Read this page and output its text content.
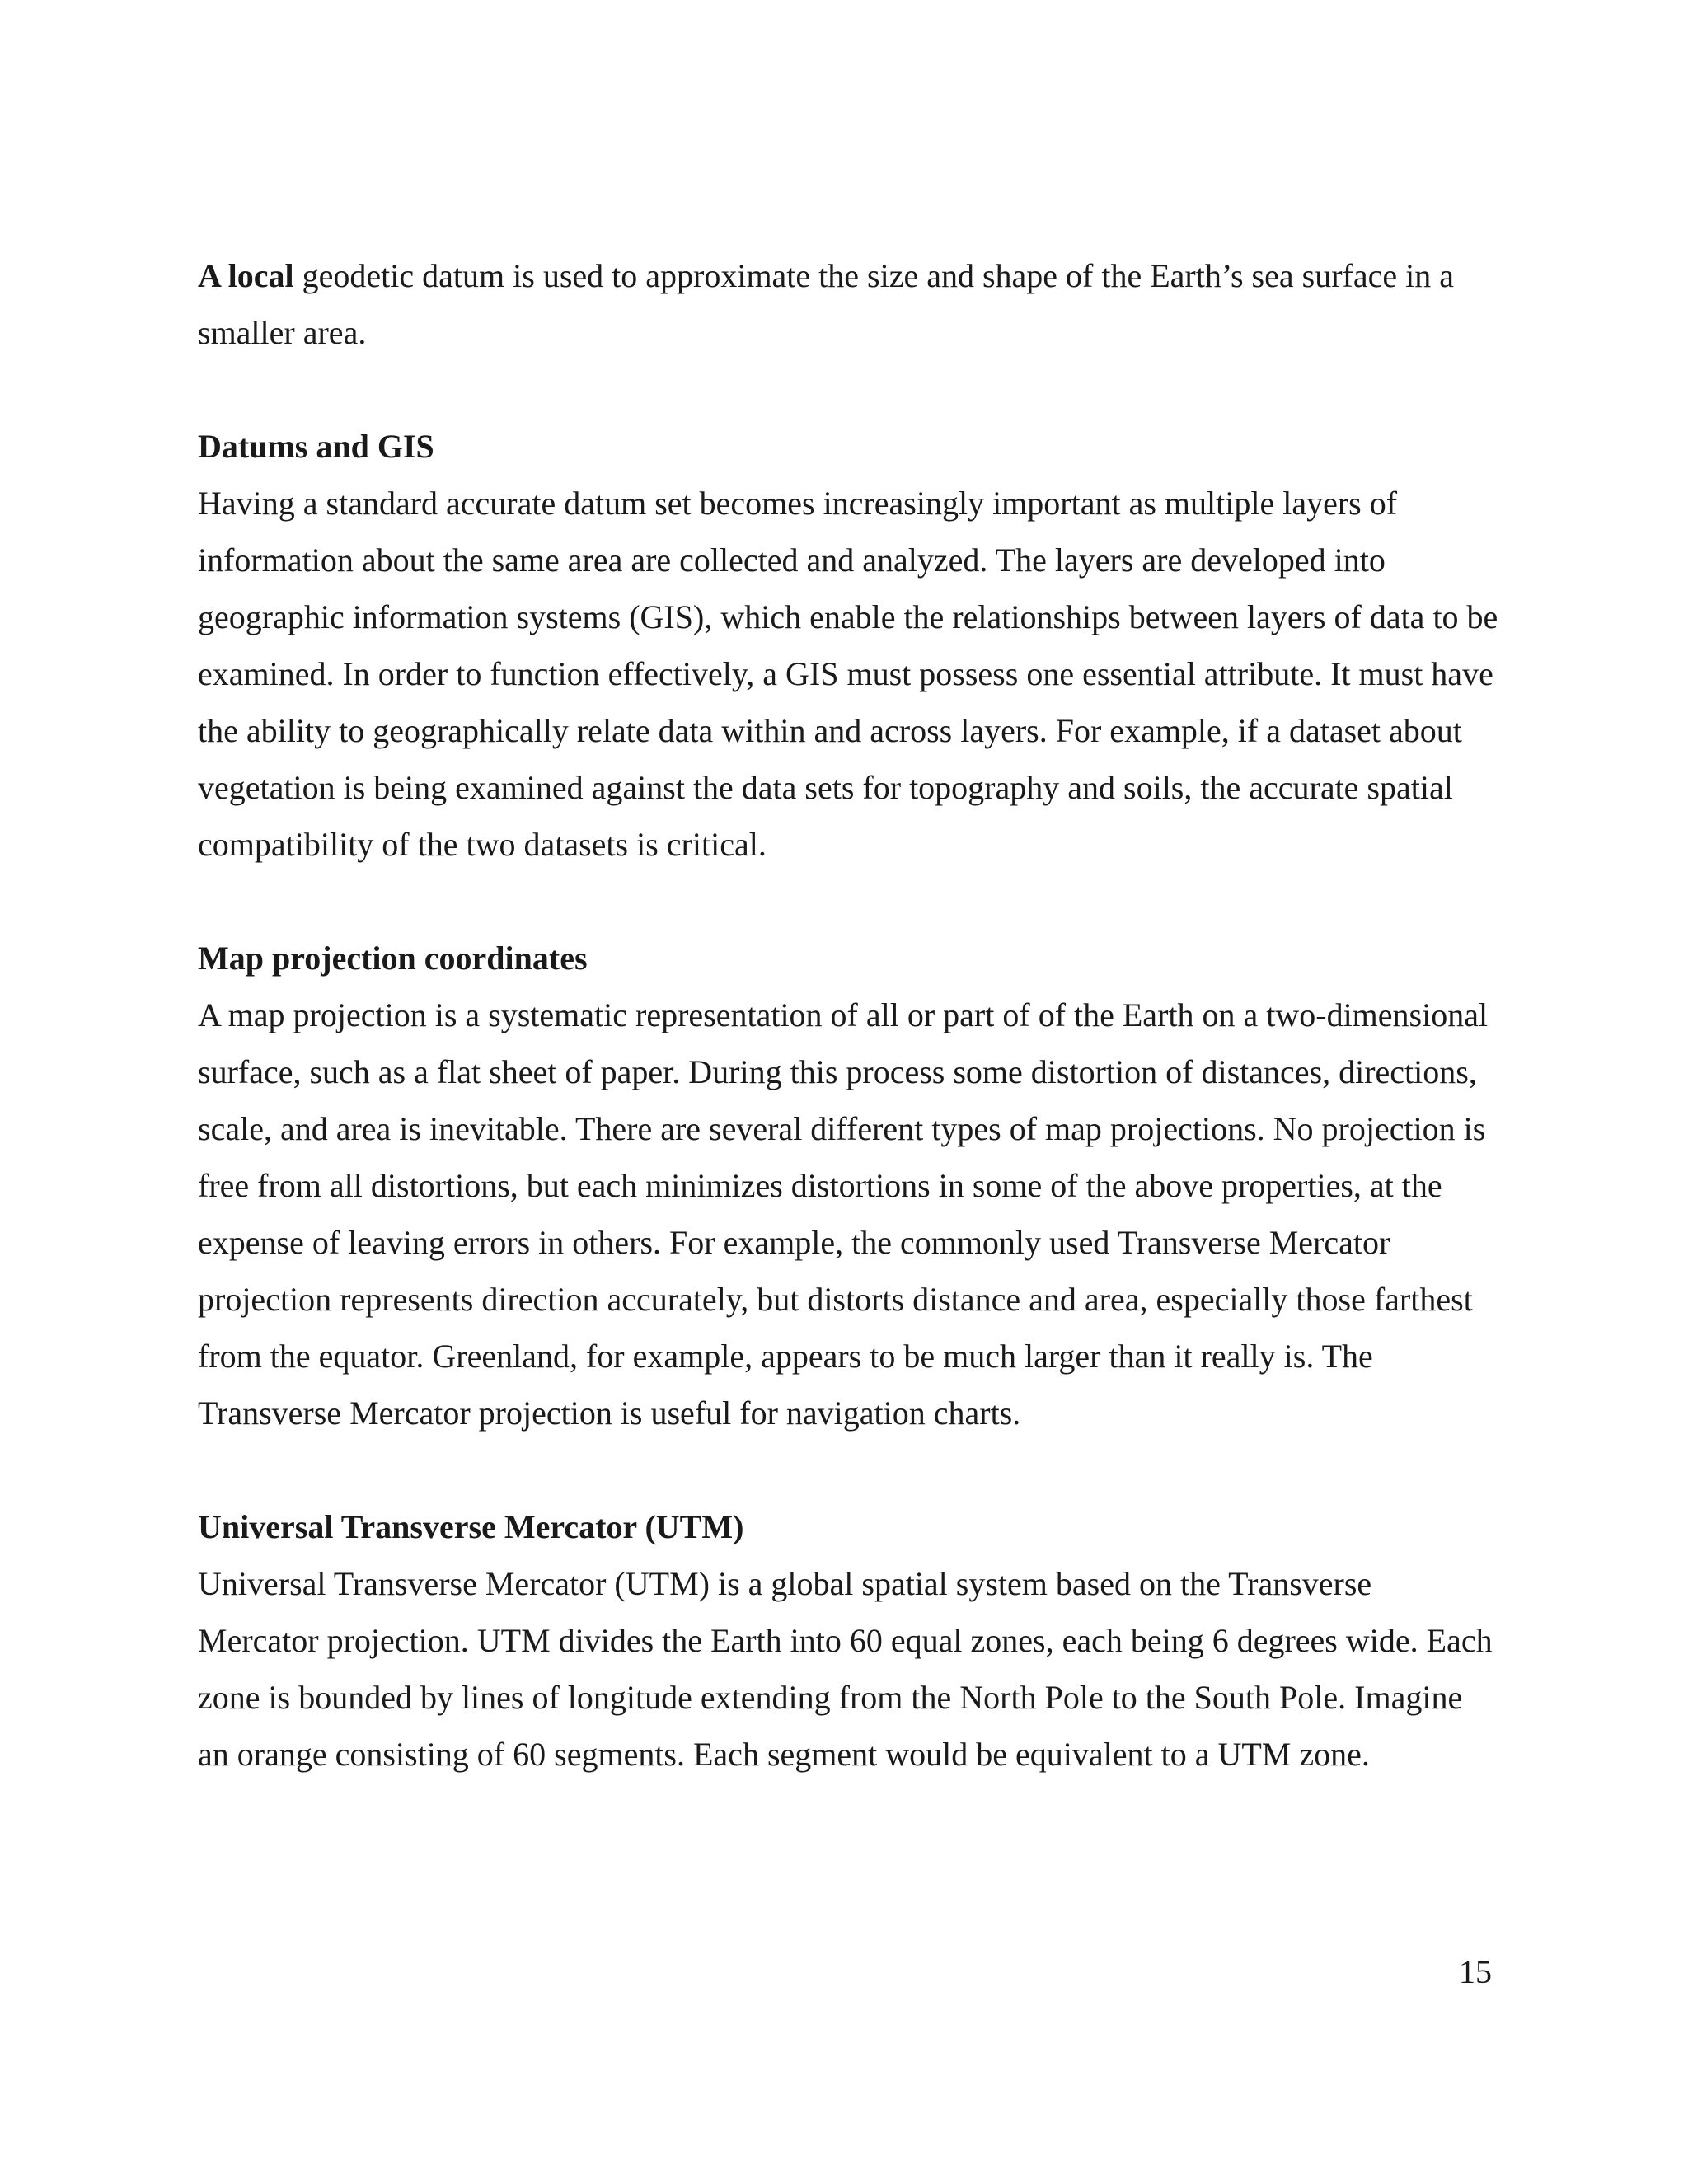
A local geodetic datum is used to approximate the size and shape of the Earth’s sea surface in a smaller area.

Datums and GIS

Having a standard accurate datum set becomes increasingly important as multiple layers of information about the same area are collected and analyzed. The layers are developed into geographic information systems (GIS), which enable the relationships between layers of data to be examined. In order to function effectively, a GIS must possess one essential attribute. It must have the ability to geographically relate data within and across layers. For example, if a dataset about vegetation is being examined against the data sets for topography and soils, the accurate spatial compatibility of the two datasets is critical.

Map projection coordinates

A map projection is a systematic representation of all or part of of the Earth on a two-dimensional surface, such as a flat sheet of paper. During this process some distortion of distances, directions, scale, and area is inevitable. There are several different types of map projections. No projection is free from all distortions, but each minimizes distortions in some of the above properties, at the expense of leaving errors in others. For example, the commonly used Transverse Mercator projection represents direction accurately, but distorts distance and area, especially those farthest from the equator. Greenland, for example, appears to be much larger than it really is. The Transverse Mercator projection is useful for navigation charts.

Universal Transverse Mercator (UTM)

Universal Transverse Mercator (UTM) is a global spatial system based on the Transverse Mercator projection. UTM divides the Earth into 60 equal zones, each being 6 degrees wide. Each zone is bounded by lines of longitude extending from the North Pole to the South Pole. Imagine an orange consisting of 60 segments. Each segment would be equivalent to a UTM zone.

15
